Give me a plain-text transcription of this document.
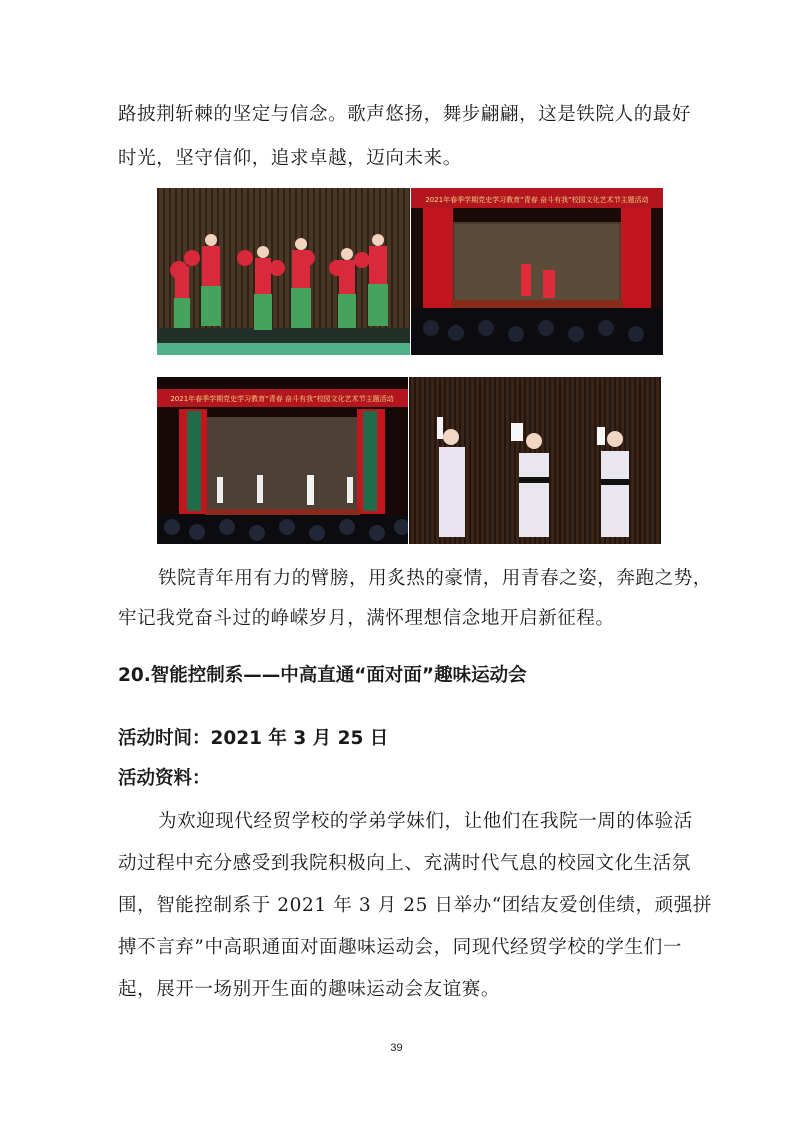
路披荆斩棘的坚定与信念。歌声悠扬，舞步翩翩，这是铁院人的最好
时光，坚守信仰，追求卓越，迈向未来。
2021年春季学期党史学习教育“青春 奋斗有我”校园文化艺术节主题活动
2021年春季学期党史学习教育“青春 奋斗有我”校园文化艺术节主题活动
铁院青年用有力的臂膀，用炙热的豪情，用青春之姿，奔跑之势，
牢记我党奋斗过的峥嵘岁月，满怀理想信念地开启新征程。
20.智能控制系——中高直通“面对面”趣味运动会
活动时间：2021 年 3 月 25 日
活动资料：
为欢迎现代经贸学校的学弟学妹们，让他们在我院一周的体验活
动过程中充分感受到我院积极向上、充满时代气息的校园文化生活氛
围，智能控制系于 2021 年 3 月 25 日举办“团结友爱创佳绩，顽强拼
搏不言弃”中高职通面对面趣味运动会，同现代经贸学校的学生们一
起，展开一场别开生面的趣味运动会友谊赛。
39
